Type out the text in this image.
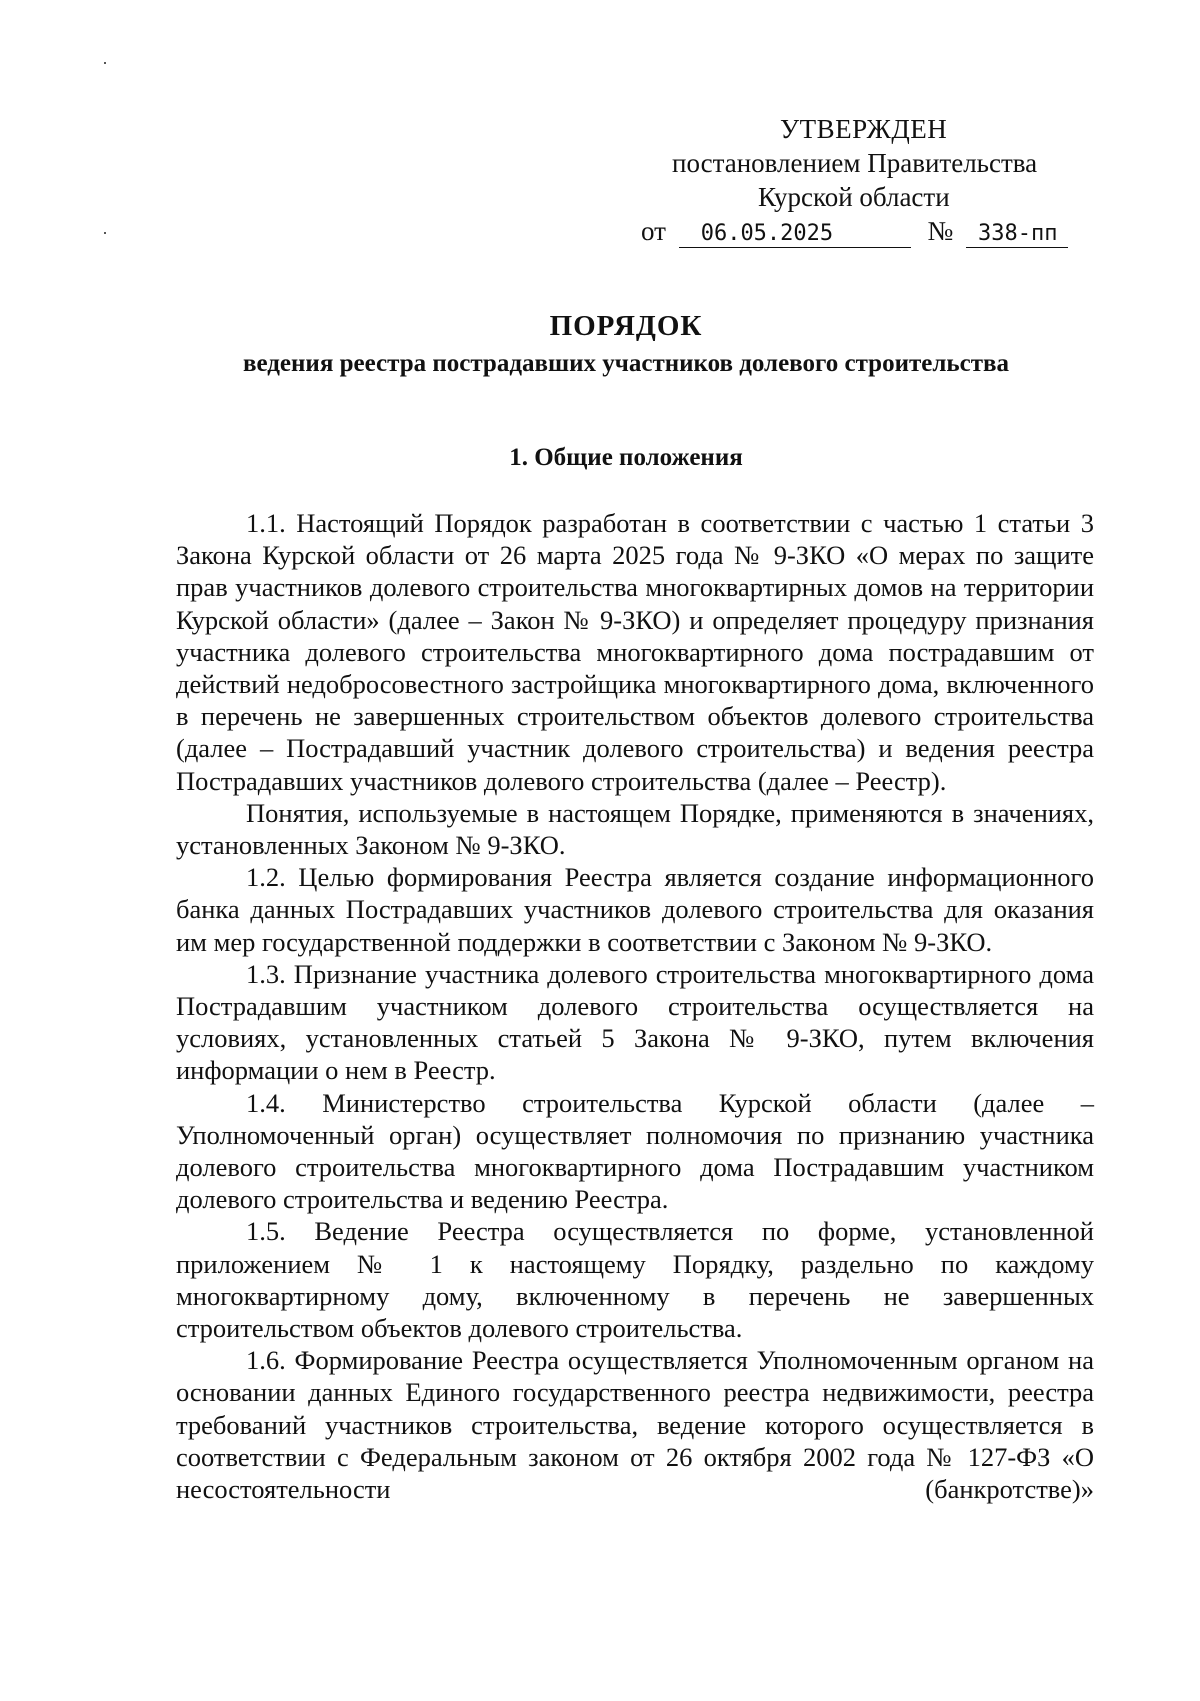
УТВЕРЖДЕН
постановлением Правительства
Курской области
от 06.05.2025	№ 338-пп
ПОРЯДОК
ведения реестра пострадавших участников долевого строительства
1. Общие положения

1.1. Настоящий Порядок разработан в соответствии с частью 1 статьи 3 Закона Курской области от 26 марта 2025 года № 9-ЗКО «О мерах по защите прав участников долевого строительства многоквартирных домов на территории Курской области» (далее – Закон № 9-ЗКО) и определяет процедуру признания участника долевого строительства многоквартирного дома пострадавшим от действий недобросовестного застройщика многоквартирного дома, включенного в перечень не завершенных строительством объектов долевого строительства (далее – Пострадавший участник долевого строительства) и ведения реестра Пострадавших участников долевого строительства (далее – Реестр).

Понятия, используемые в настоящем Порядке, применяются в значениях, установленных Законом № 9-ЗКО.

1.2. Целью формирования Реестра является создание информационного банка данных Пострадавших участников долевого строительства для оказания им мер государственной поддержки в соответствии с Законом № 9-ЗКО.

1.3. Признание участника долевого строительства многоквартирного дома Пострадавшим участником долевого строительства осуществляется на условиях, установленных статьей 5 Закона № 9-ЗКО, путем включения информации о нем в Реестр.

1.4. Министерство строительства Курской области (далее – Уполномоченный орган) осуществляет полномочия по признанию участника долевого строительства многоквартирного дома Пострадавшим участником долевого строительства и ведению Реестра.

1.5. Ведение Реестра осуществляется по форме, установленной приложением № 1 к настоящему Порядку, раздельно по каждому многоквартирному дому, включенному в перечень не завершенных строительством объектов долевого строительства.

1.6. Формирование Реестра осуществляется Уполномоченным органом на основании данных Единого государственного реестра недвижимости, реестра требований участников строительства, ведение которого осуществляется в соответствии с Федеральным законом от 26 октября 2002 года № 127-ФЗ «О несостоятельности (банкротстве)»
